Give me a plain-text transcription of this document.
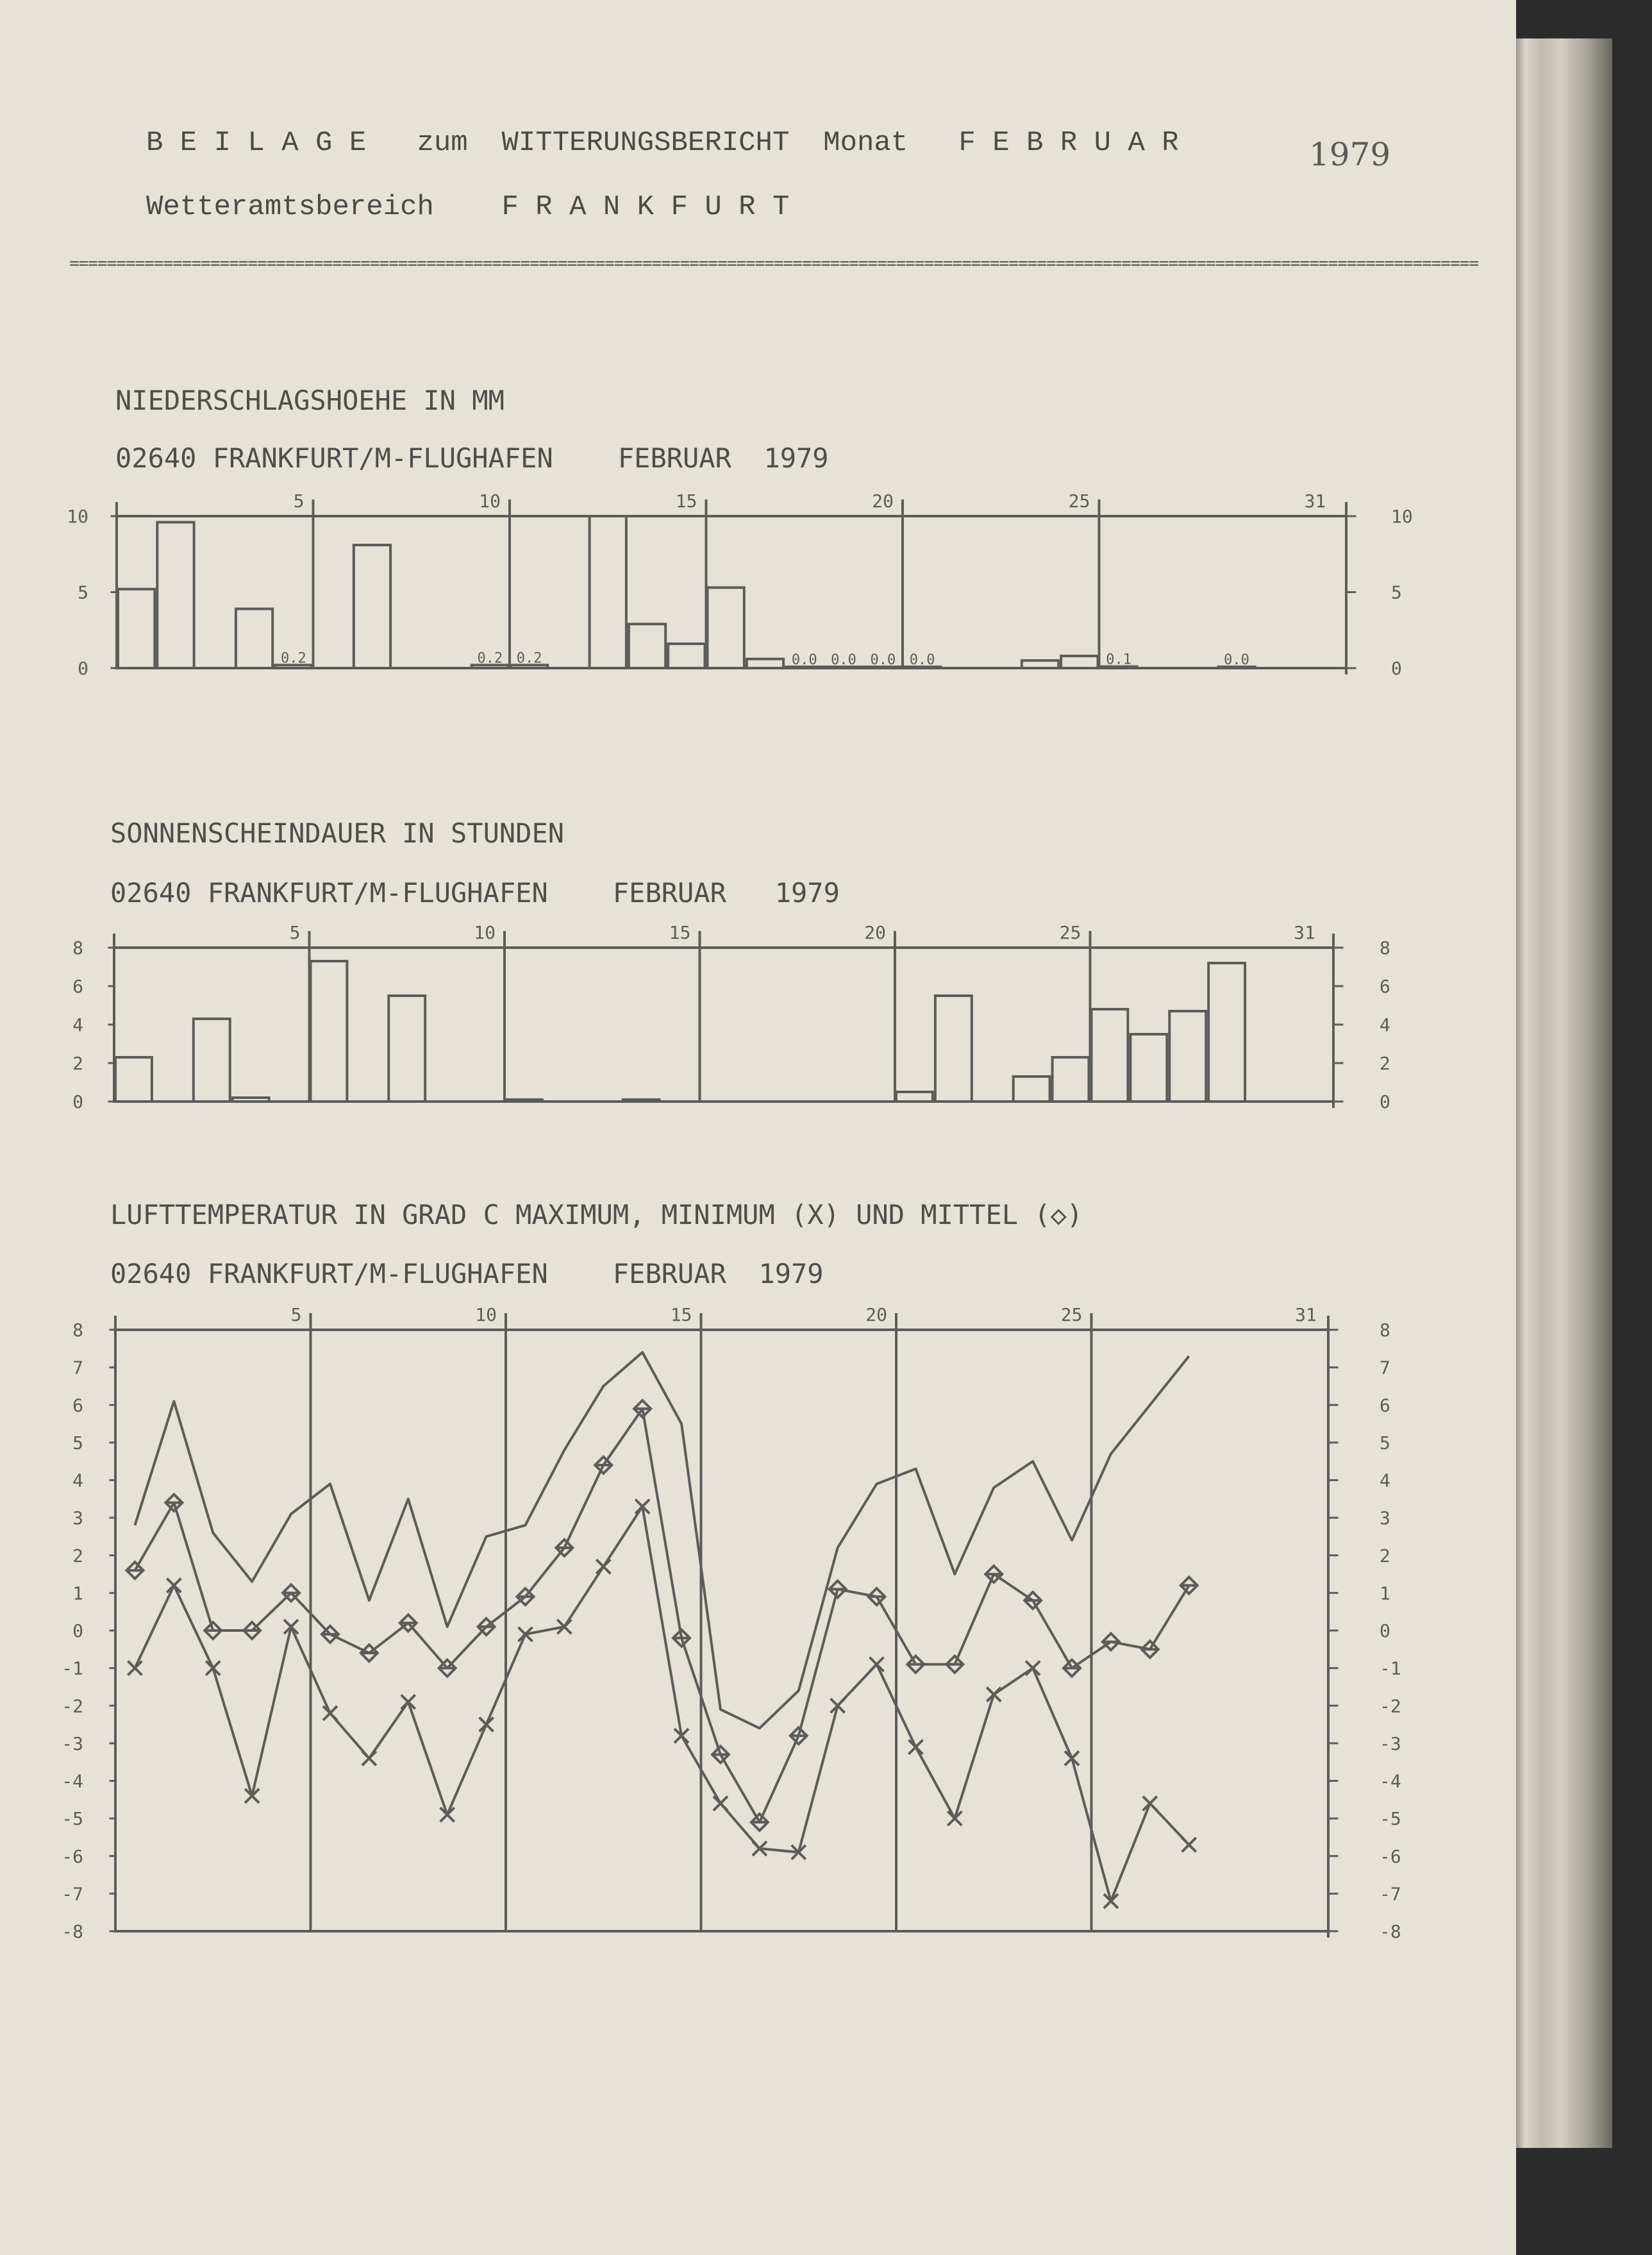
B E I L A G E   zum  WITTERUNGSBERICHT  Monat   F E B R U A R	1979
Wetteramtsbereich    F R A N K F U R T
======================================================================================================================================================
NIEDERSCHLAGSHOEHE IN MM
02640 FRANKFURT/M-FLUGHAFEN    FEBRUAR  1979
SONNENSCHEINDAUER IN STUNDEN
02640 FRANKFURT/M-FLUGHAFEN    FEBRUAR   1979
LUFTTEMPERATUR IN GRAD C MAXIMUM, MINIMUM (X) UND MITTEL (◇)
02640 FRANKFURT/M-FLUGHAFEN    FEBRUAR  1979
5	10	15	20	25	31
10
5
0
10
5
0
0.2	0.2 0.2	0.0 0.0 0.0 0.0	0.1	0.0
5	10	15	20	25	31
8
6
4
2
0
8
6
4
2
0
5	10	15	20	25	31
8
7
6
5
4
3
2
1
0
-1
-2
-3
-4
-5
-6
-7
-8
8
7
6
5
4
3
2
1
0
-1
-2
-3
-4
-5
-6
-7
-8
